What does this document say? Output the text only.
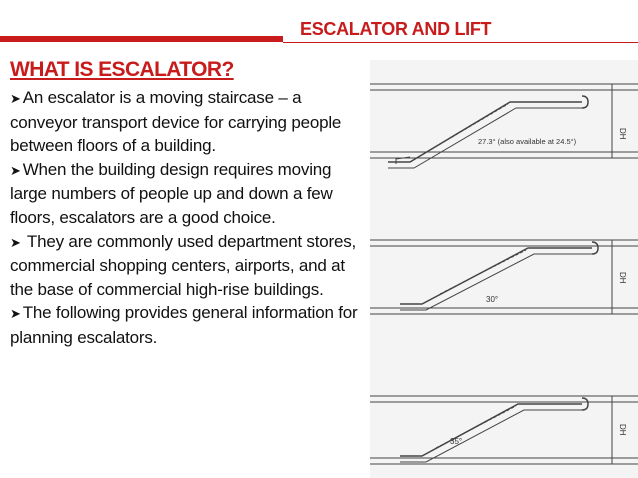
ESCALATOR AND LIFT
WHAT IS ESCALATOR?

➤ An escalator is a moving staircase – a conveyor transport device for carrying people between floors of a building.

➤ When the building design requires moving large numbers of people up and down a few floors, escalators are a good choice.

➤ They are commonly used department stores, commercial shopping centers, airports, and at the base of commercial high-rise buildings.

➤ The following provides general information for planning escalators.

DH
27.3° (also available at 24.5°)
DH
30°
DH
35°
